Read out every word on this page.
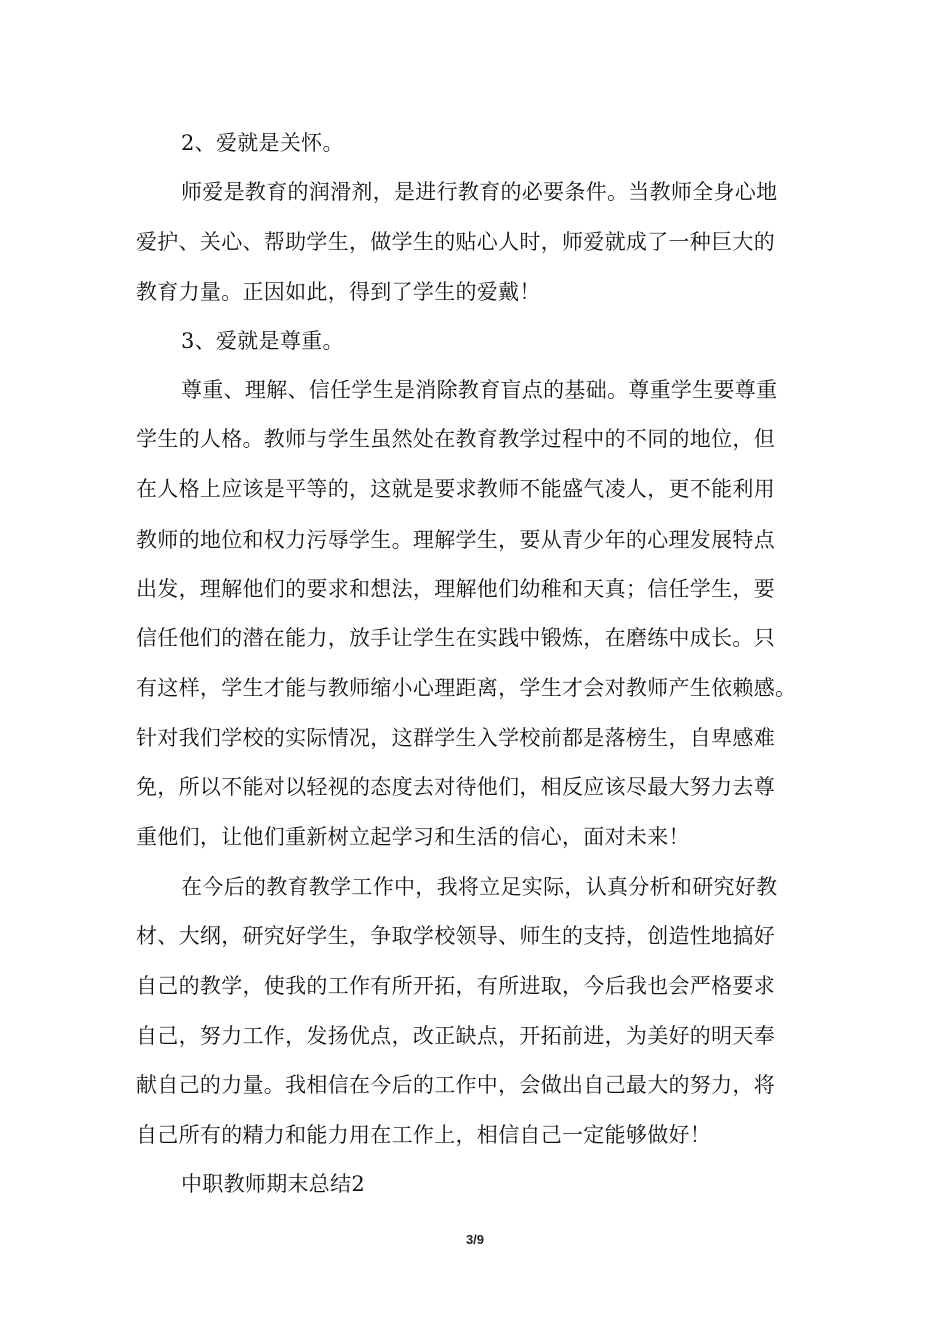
2、爱就是关怀。

师爱是教育的润滑剂，是进行教育的必要条件。当教师全身心地

爱护、关心、帮助学生，做学生的贴心人时，师爱就成了一种巨大的

教育力量。正因如此，得到了学生的爱戴！

3、爱就是尊重。

尊重、理解、信任学生是消除教育盲点的基础。尊重学生要尊重

学生的人格。教师与学生虽然处在教育教学过程中的不同的地位，但

在人格上应该是平等的，这就是要求教师不能盛气凌人，更不能利用

教师的地位和权力污辱学生。理解学生，要从青少年的心理发展特点

出发，理解他们的要求和想法，理解他们幼稚和天真；信任学生，要

信任他们的潜在能力，放手让学生在实践中锻炼，在磨练中成长。只

有这样，学生才能与教师缩小心理距离，学生才会对教师产生依赖感。

针对我们学校的实际情况，这群学生入学校前都是落榜生，自卑感难

免，所以不能对以轻视的态度去对待他们，相反应该尽最大努力去尊

重他们，让他们重新树立起学习和生活的信心，面对未来！

在今后的教育教学工作中，我将立足实际，认真分析和研究好教

材、大纲，研究好学生，争取学校领导、师生的支持，创造性地搞好

自己的教学，使我的工作有所开拓，有所进取，今后我也会严格要求

自己，努力工作，发扬优点，改正缺点，开拓前进，为美好的明天奉

献自己的力量。我相信在今后的工作中，会做出自己最大的努力，将

自己所有的精力和能力用在工作上，相信自己一定能够做好！

中职教师期末总结2

3/9
